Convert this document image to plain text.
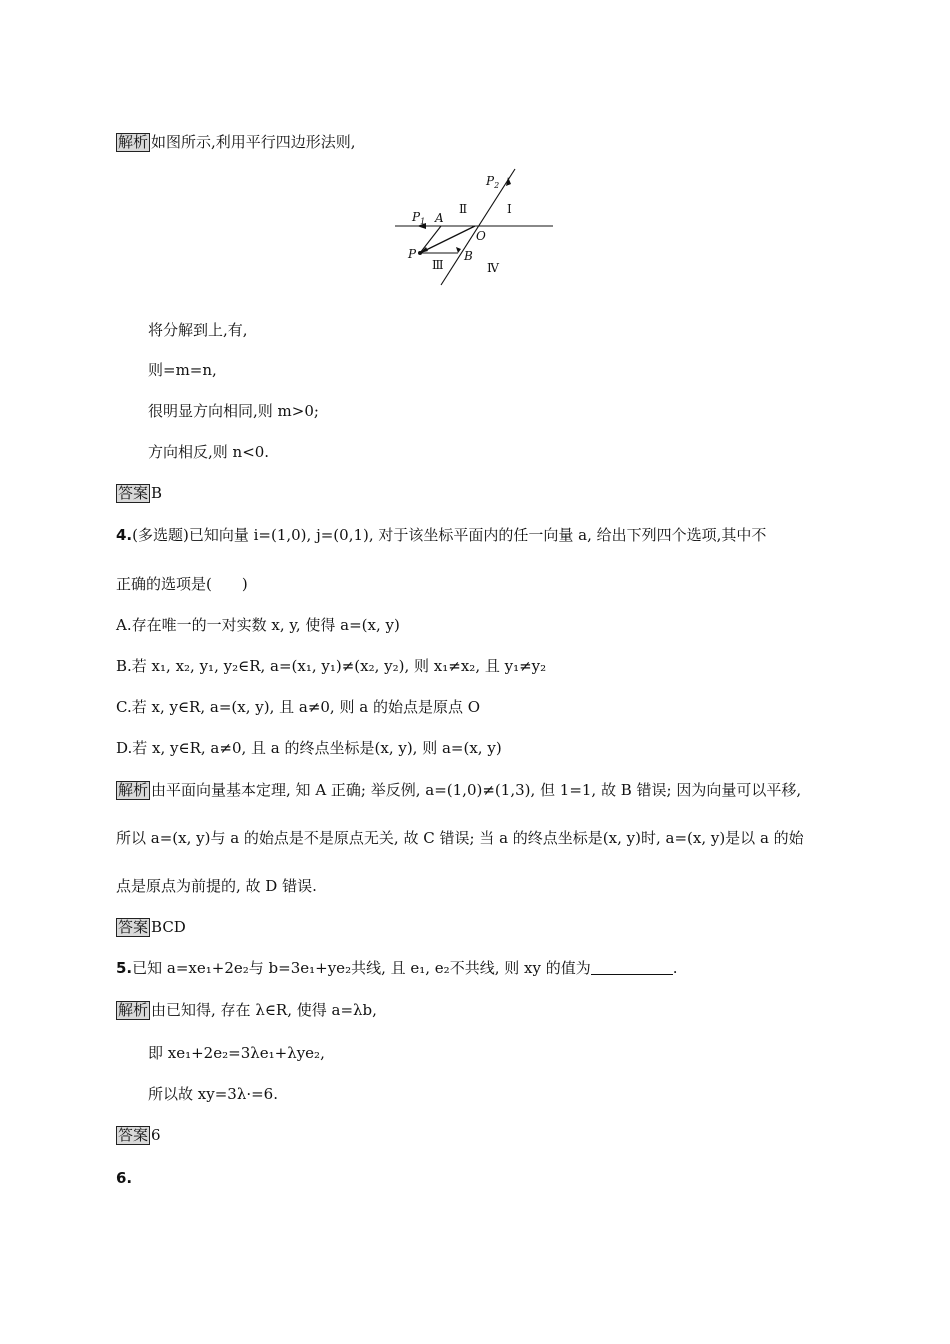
解析 如图所示,利用平行四边形法则,
$P_2$
I
Ⅱ
$P_1$ A
O
P
Ⅲ
B
Ⅳ
将分解到上,有,
则=m=n,
很明显方向相同,则 m>0;
方向相反,则 n<0.
答案 B
4.(多选题)已知向量 i=(1,0), j=(0,1), 对于该坐标平面内的任一向量 a, 给出下列四个选项,其中不
正确的选项是(　　)
A.存在唯一的一对实数 x, y, 使得 a=(x, y)
B.若 x₁, x₂, y₁, y₂∈R, a=(x₁, y₁)≠(x₂, y₂), 则 x₁≠x₂, 且 y₁≠y₂
C.若 x, y∈R, a=(x, y), 且 a≠0, 则 a 的始点是原点 O
D.若 x, y∈R, a≠0, 且 a 的终点坐标是(x, y), 则 a=(x, y)
解析 由平面向量基本定理, 知 A 正确; 举反例, a=(1,0)≠(1,3), 但 1=1, 故 B 错误; 因为向量可以平移,
所以 a=(x, y)与 a 的始点是不是原点无关, 故 C 错误; 当 a 的终点坐标是(x, y)时, a=(x, y)是以 a 的始
点是原点为前提的, 故 D 错误.
答案 BCD
5.已知 a=xe₁+2e₂与 b=3e₁+ye₂共线, 且 e₁, e₂不共线, 则 xy 的值为	.
解析 由已知得, 存在 λ∈R, 使得 a=λb,
即 xe₁+2e₂=3λe₁+λye₂,
所以故 xy=3λ·=6.
答案 6
6.
